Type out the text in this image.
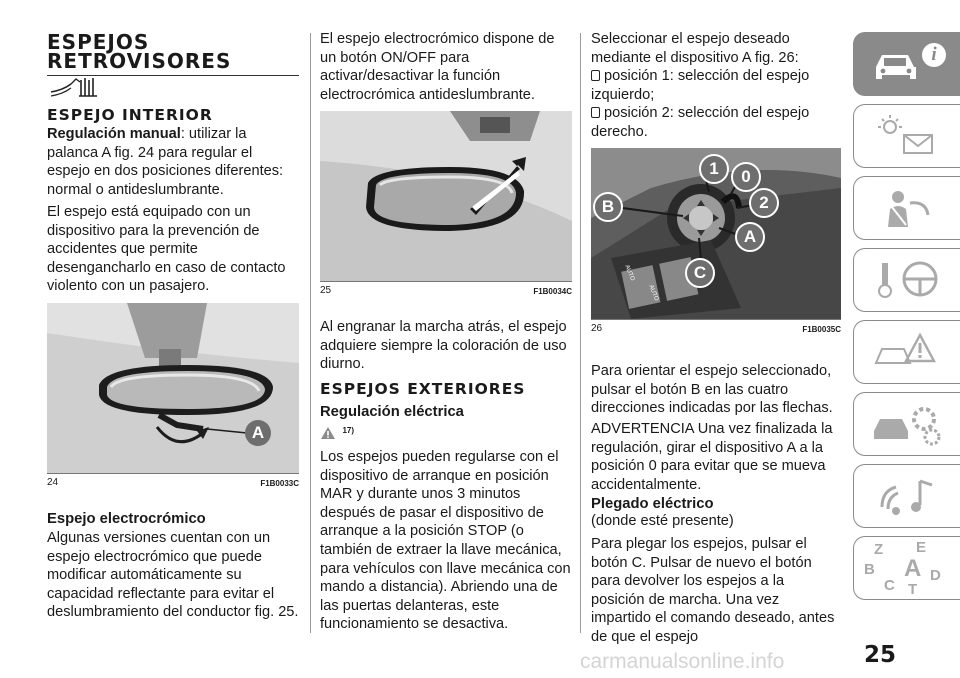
ESPEJOS

RETROVISORES

ESPEJO INTERIOR

Regulación manual: utilizar la palanca A fig. 24 para regular el espejo en dos posiciones diferentes: normal o antideslumbrante.

El espejo está equipado con un dispositivo para la prevención de accidentes que permite desengancharlo en caso de contacto violento con un pasajero.

A
24	F1B0033C

Espejo electrocrómico

Algunas versiones cuentan con un espejo electrocrómico que puede modificar automáticamente su capacidad reflectante para evitar el deslumbramiento del conductor fig. 25.

El espejo electrocrómico dispone de un botón ON/OFF para activar/desactivar la función electrocrómica antideslumbrante.

25	F1B0034C

Al engranar la marcha atrás, el espejo adquiere siempre la coloración de uso diurno.

ESPEJOS EXTERIORES

Regulación eléctrica

$^{17)}$

Los espejos pueden regularse con el dispositivo de arranque en posición MAR y durante unos 3 minutos después de pasar el dispositivo de arranque a la posición STOP (o también de extraer la llave mecánica, para vehículos con llave mecánica con mando a distancia). Abriendo una de las puertas delanteras, este funcionamiento se desactiva.

Seleccionar el espejo deseado mediante el dispositivo A fig. 26:

posición 1: selección del espejo izquierdo;

posición 2: selección del espejo derecho.

1	0
2
B
A
C
AUTO
AUTO
26	F1B0035C

Para orientar el espejo seleccionado, pulsar el botón B en las cuatro direcciones indicadas por las flechas.

ADVERTENCIA Una vez finalizada la regulación, girar el dispositivo A a la posición 0 para evitar que se mueva accidentalmente.

Plegado eléctrico

(donde esté presente)

Para plegar los espejos, pulsar el botón C. Pulsar de nuevo el botón para devolver los espejos a la posición de marcha. Una vez impartido el comando deseado, antes de que el espejo

i
Z E
B A D
C T
25
carmanualsonline.info
